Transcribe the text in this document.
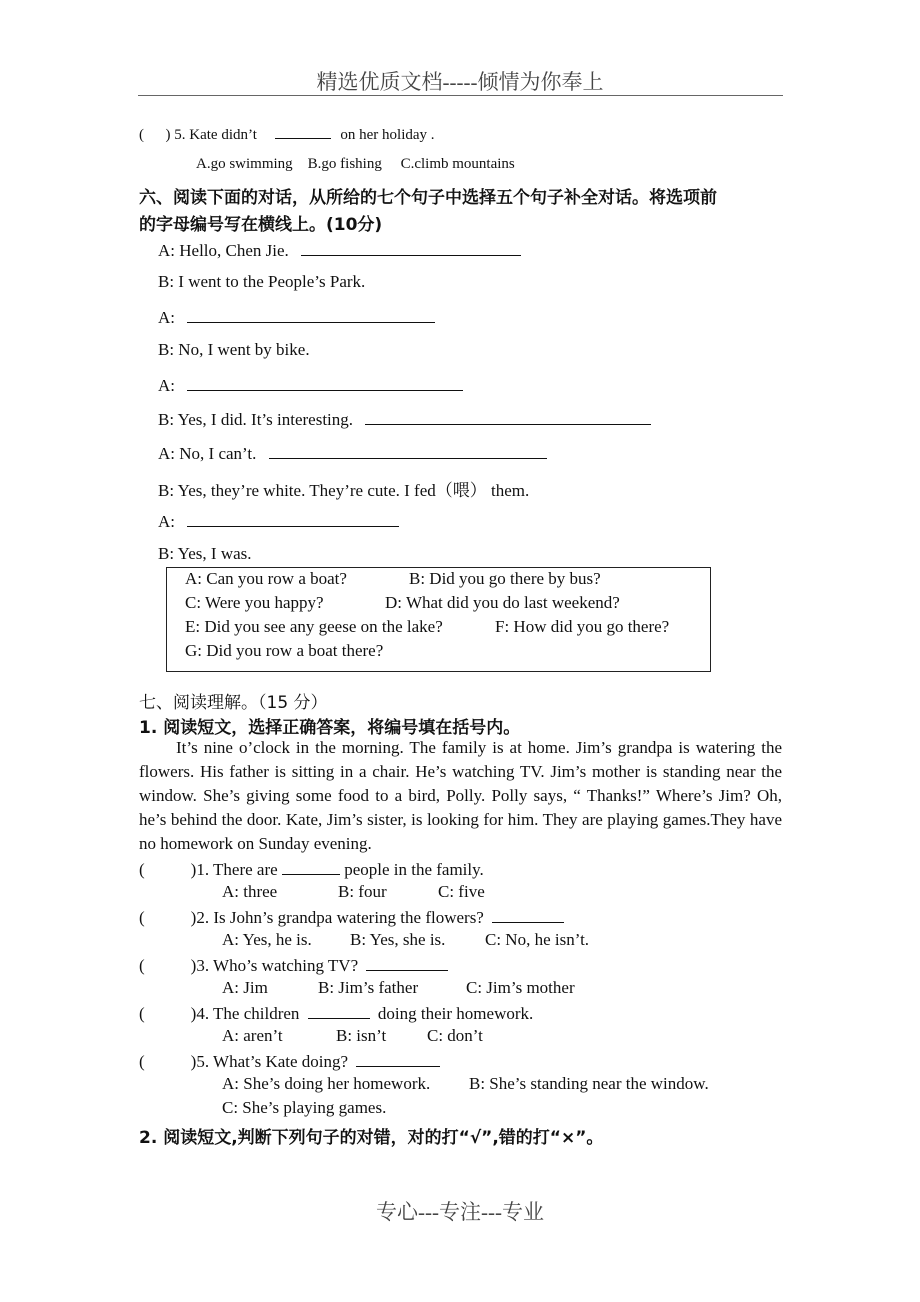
精选优质文档-----倾情为你奉上
( ) 5. Kate didn’t	on her holiday .
A.go swimming    B.go fishing     C.climb mountains
六、阅读下面的对话，从所给的七个句子中选择五个句子补全对话。将选项前
的字母编号写在横线上。(10分)
A: Hello, Chen Jie.
B: I went to the People’s Park.
A:
B: No, I went by bike.
A:
B: Yes, I did. It’s interesting.
A: No, I can’t.
B: Yes, they’re white. They’re cute. I fed（喂） them.
A:
B: Yes, I was.
A: Can you row a boat?	B: Did you go there by bus?
C: Were you happy?	D: What did you do last weekend?
E: Did you see any geese on the lake?	F: How did you go there?
G: Did you row a boat there?
七、阅读理解。（15 分）
1. 阅读短文，选择正确答案，将编号填在括号内。
It’s nine o’clock in the morning. The family is at home. Jim’s grandpa is watering the flowers. His father is sitting in a chair. He’s watching TV. Jim’s mother is standing near the window. She’s giving some food to a bird, Polly. Polly says, “ Thanks!” Where’s Jim? Oh, he’s behind the door. Kate, Jim’s sister, is looking for him. They are playing games.They have no homework on Sunday evening.
(	)1. There are	people in the family.
A: three	B: four	C: five
(	)2. Is John’s grandpa watering the flowers?
A: Yes, he is. B: Yes, she is. C: No, he isn’t.
(	)3. Who’s watching TV?
A: Jim	B: Jim’s father	C: Jim’s mother
(	)4. The children	doing their homework.
A: aren’t	B: isn’t C: don’t
(	)5. What’s Kate doing?
A: She’s doing her homework. B: She’s standing near the window.
C: She’s playing games.
2. 阅读短文,判断下列句子的对错，对的打“√”,错的打“×”。
专心---专注---专业
